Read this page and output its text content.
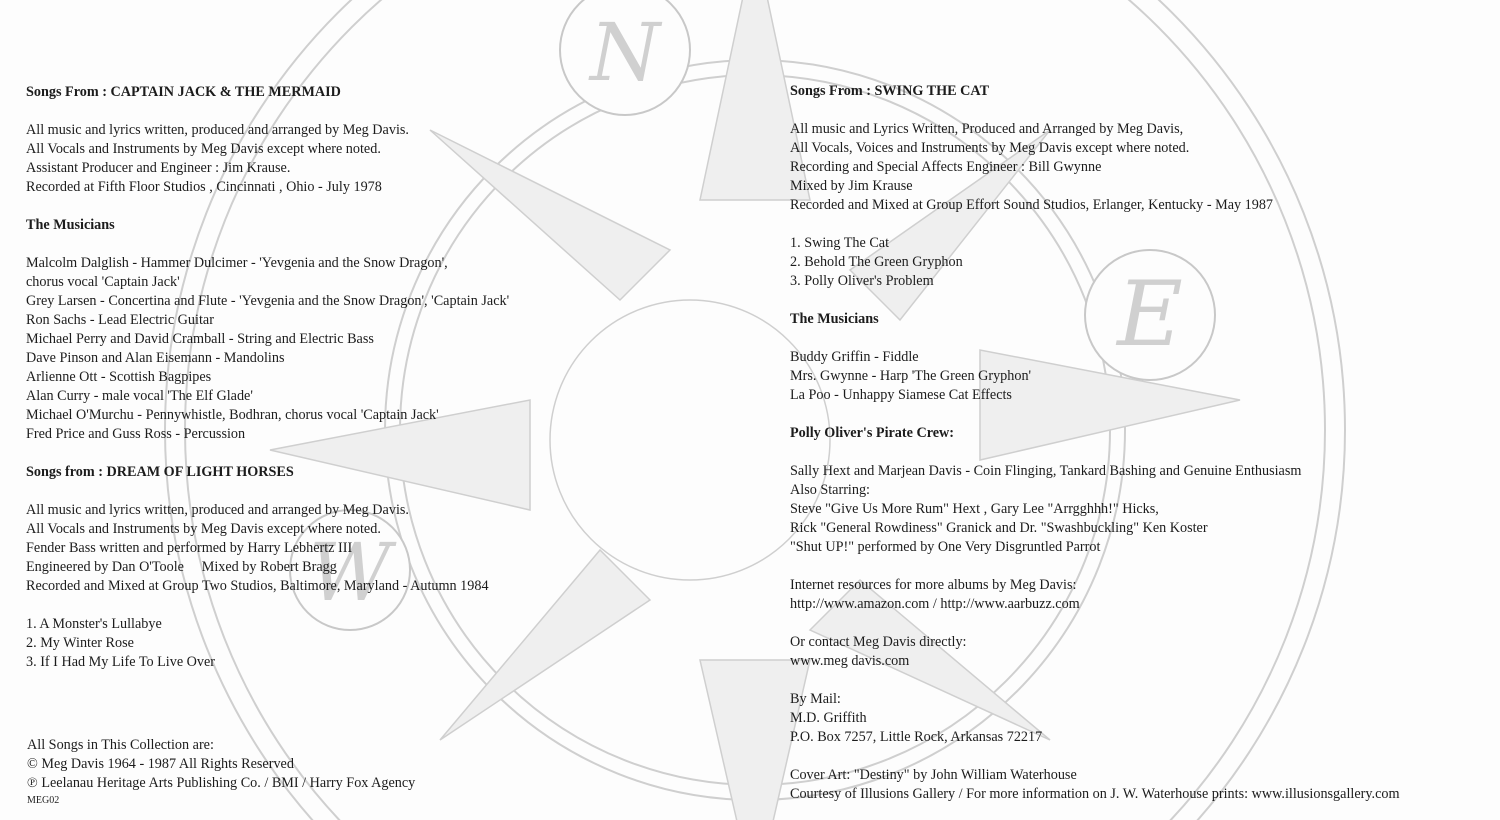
N
E
W

Songs From : CAPTAIN JACK & THE MERMAID

All music and lyrics written, produced and arranged by Meg Davis.

All Vocals and Instruments by Meg Davis except where noted.

Assistant Producer and Engineer : Jim Krause.

Recorded at Fifth Floor Studios , Cincinnati , Ohio - July 1978

The Musicians

Malcolm Dalglish - Hammer Dulcimer - 'Yevgenia and the Snow Dragon',

chorus vocal 'Captain Jack'

Grey Larsen - Concertina and Flute - 'Yevgenia and the Snow Dragon', 'Captain Jack'

Ron Sachs - Lead Electric Guitar

Michael Perry and David Cramball - String and Electric Bass

Dave Pinson and Alan Eisemann - Mandolins

Arlienne Ott - Scottish Bagpipes

Alan Curry - male vocal 'The Elf Glade'

Michael O'Murchu - Pennywhistle, Bodhran, chorus vocal 'Captain Jack'

Fred Price and Guss Ross - Percussion

Songs from : DREAM OF LIGHT HORSES

All music and lyrics written, produced and arranged by Meg Davis.

All Vocals and Instruments by Meg Davis except where noted.

Fender Bass written and performed by Harry Lebhertz III

Engineered by Dan O'Toole     Mixed by Robert Bragg

Recorded and Mixed at Group Two Studios, Baltimore, Maryland - Autumn 1984

1. A Monster's Lullabye

2. My Winter Rose

3. If I Had My Life To Live Over

All Songs in This Collection are:

© Meg Davis 1964 - 1987 All Rights Reserved

℗ Leelanau Heritage Arts Publishing Co. / BMI / Harry Fox Agency

MEG02

Songs From : SWING THE CAT

All music and Lyrics Written, Produced and Arranged by Meg Davis,

All Vocals, Voices and Instruments by Meg Davis except where noted.

Recording and Special Affects Engineer : Bill Gwynne

Mixed by Jim Krause

Recorded and Mixed at Group Effort Sound Studios, Erlanger, Kentucky - May 1987

1. Swing The Cat

2. Behold The Green Gryphon

3. Polly Oliver's Problem

The Musicians

Buddy Griffin - Fiddle

Mrs. Gwynne - Harp 'The Green Gryphon'

La Poo - Unhappy Siamese Cat Effects

Polly Oliver's Pirate Crew:

Sally Hext and Marjean Davis - Coin Flinging, Tankard Bashing and Genuine Enthusiasm

Also Starring:

Steve "Give Us More Rum" Hext , Gary Lee "Arrgghhh!" Hicks,

Rick "General Rowdiness" Granick and Dr. "Swashbuckling" Ken Koster

"Shut UP!" performed by One Very Disgruntled Parrot

Internet resources for more albums by Meg Davis:

http://www.amazon.com / http://www.aarbuzz.com

Or contact Meg Davis directly:

www.meg davis.com

By Mail:

M.D. Griffith

P.O. Box 7257, Little Rock, Arkansas 72217

Cover Art: "Destiny" by John William Waterhouse

Courtesy of Illusions Gallery / For more information on J. W. Waterhouse prints: www.illusionsgallery.com
